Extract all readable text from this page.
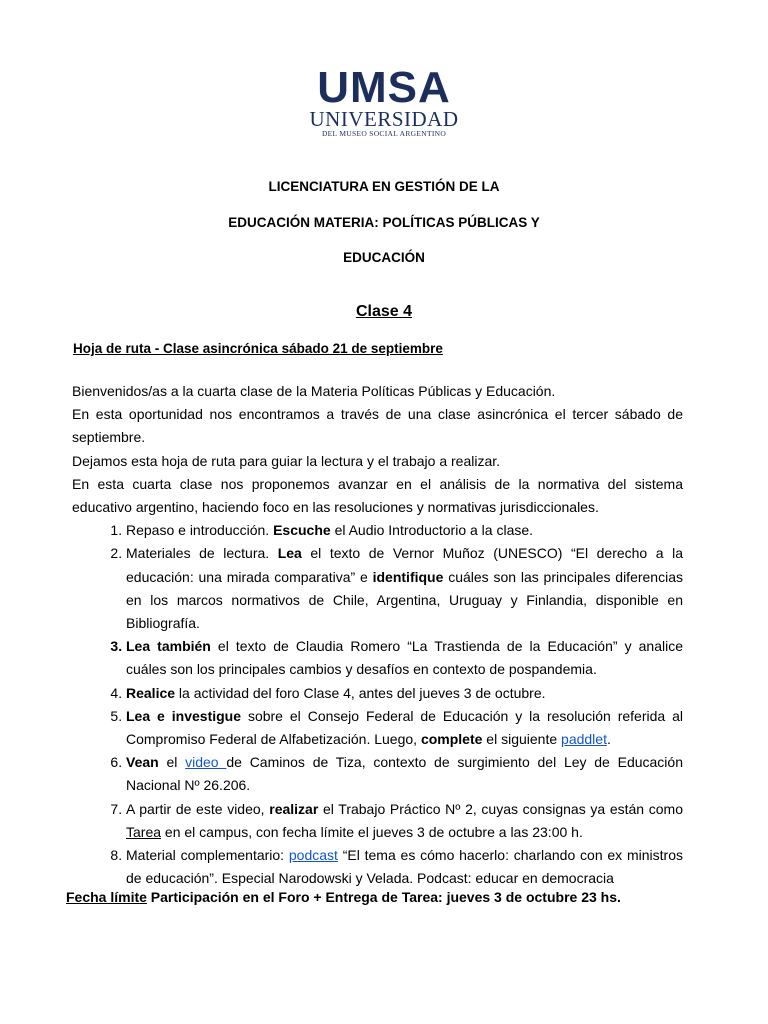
UMSA
UNIVERSIDAD
DEL MUSEO SOCIAL ARGENTINO
LICENCIATURA EN GESTIÓN DE LA
EDUCACIÓN MATERIA: POLÍTICAS PÚBLICAS Y
EDUCACIÓN
Clase 4
Hoja de ruta - Clase asincrónica sábado 21 de septiembre

Bienvenidos/as a la cuarta clase de la Materia Políticas Públicas y Educación.

En esta oportunidad nos encontramos a través de una clase asincrónica el tercer sábado de septiembre.

Dejamos esta hoja de ruta para guiar la lectura y el trabajo a realizar.

En esta cuarta clase nos proponemos avanzar en el análisis de la normativa del sistema educativo argentino, haciendo foco en las resoluciones y normativas jurisdiccionales.

1. Repaso e introducción. Escuche el Audio Introductorio a la clase.
2. Materiales de lectura. Lea el texto de Vernor Muñoz (UNESCO) “El derecho a la educación: una mirada comparativa” e identifique cuáles son las principales diferencias en los marcos normativos de Chile, Argentina, Uruguay y Finlandia, disponible en Bibliografía.
3. Lea también el texto de Claudia Romero “La Trastienda de la Educación” y analice cuáles son los principales cambios y desafíos en contexto de pospandemia.
4. Realice la actividad del foro Clase 4, antes del jueves 3 de octubre.
5. Lea e investigue sobre el Consejo Federal de Educación y la resolución referida al Compromiso Federal de Alfabetización. Luego, complete el siguiente paddlet.
6. Vean el video de Caminos de Tiza, contexto de surgimiento del Ley de Educación Nacional Nº 26.206.
7. A partir de este video, realizar el Trabajo Práctico Nº 2, cuyas consignas ya están como Tarea en el campus, con fecha límite el jueves 3 de octubre a las 23:00 h.
8. Material complementario: podcast “El tema es cómo hacerlo: charlando con ex ministros de educación”. Especial Narodowski y Velada. Podcast: educar en democracia
Fecha límite Participación en el Foro + Entrega de Tarea: jueves 3 de octubre 23 hs.
